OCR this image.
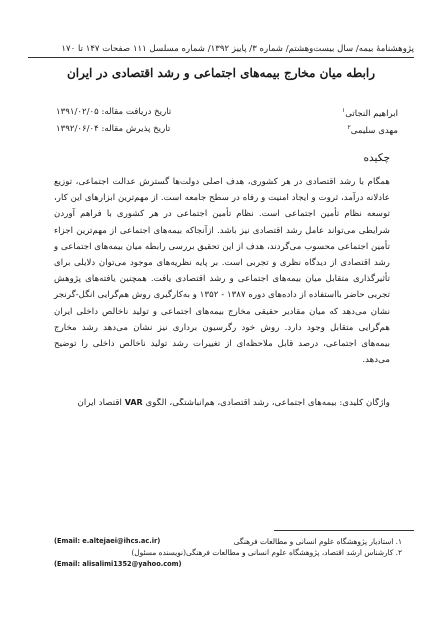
پژوهشنامهٔ بیمه/ سال بیست‌وهشتم/ شماره ۳/ پاییز ۱۳۹۲/ شماره مسلسل ۱۱۱ صفحات ۱۴۷ تا ۱۷۰
رابطه میان مخارج بیمه‌های اجتماعی و رشد اقتصادی در ایران
ابراهیم النجاتی$^۱$
تاریخ دریافت مقاله: ۱۳۹۱/۰۲/۰۵
مهدی سلیمی$^۲$
تاریخ پذیرش مقاله: ۱۳۹۲/۰۶/۰۴
چکیده
همگام با رشد اقتصادی در هر کشوری، هدف اصلی دولت‌ها گسترش عدالت اجتماعی، توزیع عادلانه درآمد، ثروت و ایجاد امنیت و رفاه در سطح جامعه است. از مهم‌ترین ابزارهای این کار، توسعه نظام تأمین اجتماعی است. نظام تأمین اجتماعی در هر کشوری با فراهم آوردن شرایطی می‌تواند عامل رشد اقتصادی نیز باشد. ازآنجاکه بیمه‌های اجتماعی از مهم‌ترین اجزاء تأمین اجتماعی محسوب می‌گردند، هدف از این تحقیق بررسی رابطه میان بیمه‌های اجتماعی و رشد اقتصادی از دیدگاه نظری و تجربی است. بر پایه نظریه‌های موجود می‌توان دلایلی برای تأثیرگذاری متقابل میان بیمه‌های اجتماعی و رشد اقتصادی یافت. همچنین یافته‌های پژوهش تجربی حاضر بااستفاده از داده‌های دوره ۱۳۸۷ - ۱۳۵۲ و به‌کارگیری روش هم‌گرایی انگل-گرنجر نشان می‌دهد که میان مقادیر حقیقی مخارج بیمه‌های اجتماعی و تولید ناخالص داخلی ایران هم‌گرایی متقابل وجود دارد. روش خود رگرسیون برداری نیز نشان می‌دهد رشد مخارج بیمه‌های اجتماعی، درصد قابل ملاحظه‌ای از تغییرات رشد تولید ناخالص داخلی را توضیح می‌دهد.
واژگان کلیدی: بیمه‌های اجتماعی، رشد اقتصادی، هم‌انباشتگی، الگوی VAR اقتصاد ایران
۱. استادیار پژوهشگاه علوم انسانی و مطالعات فرهنگی
(Email: e.altejaei@ihcs.ac.ir)
۲. کارشناس ارشد اقتصاد، پژوهشگاه علوم انسانی و مطالعات فرهنگی(نویسنده مسئول)
(Email: alisalimi1352@yahoo.com)
